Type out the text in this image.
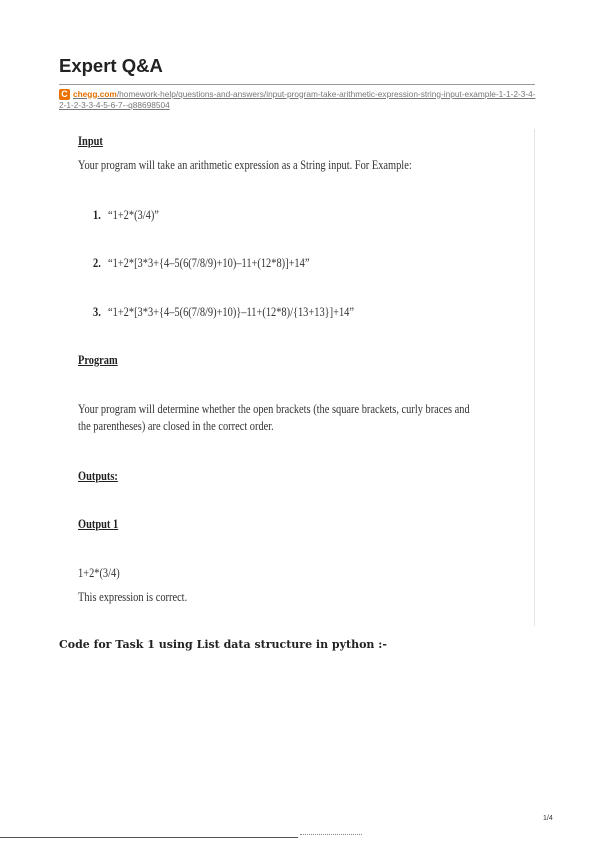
Expert Q&A
C chegg.com/homework-help/questions-and-answers/input-program-take-arithmetic-expression-string-input-example-1-1-2-3-4-2-1-2-3-3-4-5-6-7--q88698504
Input
Your program will take an arithmetic expression as a String input. For Example:
1. “1+2*(3/4)”
2. “1+2*[3*3+{4–5(6(7/8/9)+10)–11+(12*8)]+14”
3. “1+2*[3*3+{4–5(6(7/8/9)+10)}–11+(12*8)/{13+13}]+14”
Program
Your program will determine whether the open brackets (the square brackets, curly braces and
the parentheses) are closed in the correct order.
Outputs:
Output 1
1+2*(3/4)
This expression is correct.
Code for Task 1 using List data structure in python :-
1/4
